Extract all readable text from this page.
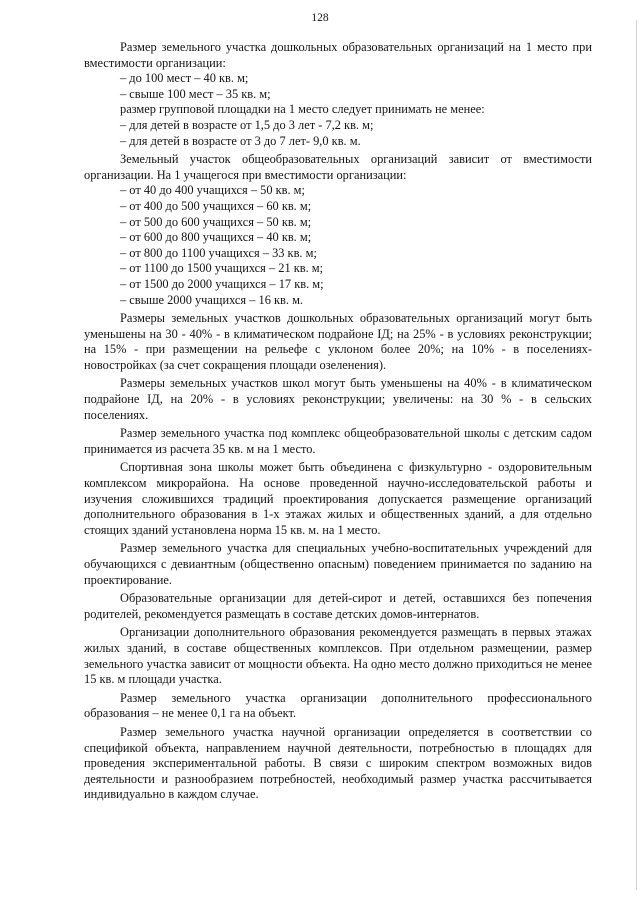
128

Размер земельного участка дошкольных образовательных организаций на 1 место при вместимости организации:

– до 100 мест – 40 кв. м;

– свыше 100 мест – 35 кв. м;

размер групповой площадки на 1 место следует принимать не менее:

– для детей в возрасте от 1,5 до 3 лет - 7,2 кв. м;

– для детей в возрасте от 3 до 7 лет- 9,0 кв. м.

Земельный участок общеобразовательных организаций зависит от вместимости организации. На 1 учащегося при вместимости организации:

– от 40 до 400 учащихся – 50 кв. м;

– от 400 до 500 учащихся – 60 кв. м;

– от 500 до 600 учащихся – 50 кв. м;

– от 600 до 800 учащихся – 40 кв. м;

– от 800 до 1100 учащихся – 33 кв. м;

– от 1100 до 1500 учащихся – 21 кв. м;

– от 1500 до 2000 учащихся – 17 кв. м;

– свыше 2000 учащихся – 16 кв. м.

Размеры земельных участков дошкольных образовательных организаций могут быть уменьшены на 30 - 40% - в климатическом подрайоне IД; на 25% - в условиях реконструкции; на 15% - при размещении на рельефе с уклоном более 20%; на 10% - в поселениях-новостройках (за счет сокращения площади озеленения).

Размеры земельных участков школ могут быть уменьшены на 40% - в климатическом подрайоне IД, на 20% - в условиях реконструкции; увеличены: на 30 % - в сельских поселениях.

Размер земельного участка под комплекс общеобразовательной школы с детским садом принимается из расчета 35 кв. м на 1 место.

Спортивная зона школы может быть объединена с физкультурно - оздоровительным комплексом микрорайона. На основе проведенной научно-исследовательской работы и изучения сложившихся традиций проектирования допускается размещение организаций дополнительного образования в 1-х этажах жилых и общественных зданий, а для отдельно стоящих зданий установлена норма 15 кв. м. на 1 место.

Размер земельного участка для специальных учебно-воспитательных учреждений для обучающихся с девиантным (общественно опасным) поведением принимается по заданию на проектирование.

Образовательные организации для детей-сирот и детей, оставшихся без попечения родителей, рекомендуется размещать в составе детских домов-интернатов.

Организации дополнительного образования рекомендуется размещать в первых этажах жилых зданий, в составе общественных комплексов. При отдельном размещении, размер земельного участка зависит от мощности объекта. На одно место должно приходиться не менее 15 кв. м площади участка.

Размер земельного участка организации дополнительного профессионального образования – не менее 0,1 га на объект.

Размер земельного участка научной организации определяется в соответствии со спецификой объекта, направлением научной деятельности, потребностью в площадях для проведения экспериментальной работы. В связи с широким спектром возможных видов деятельности и разнообразием потребностей, необходимый размер участка рассчитывается индивидуально в каждом случае.
